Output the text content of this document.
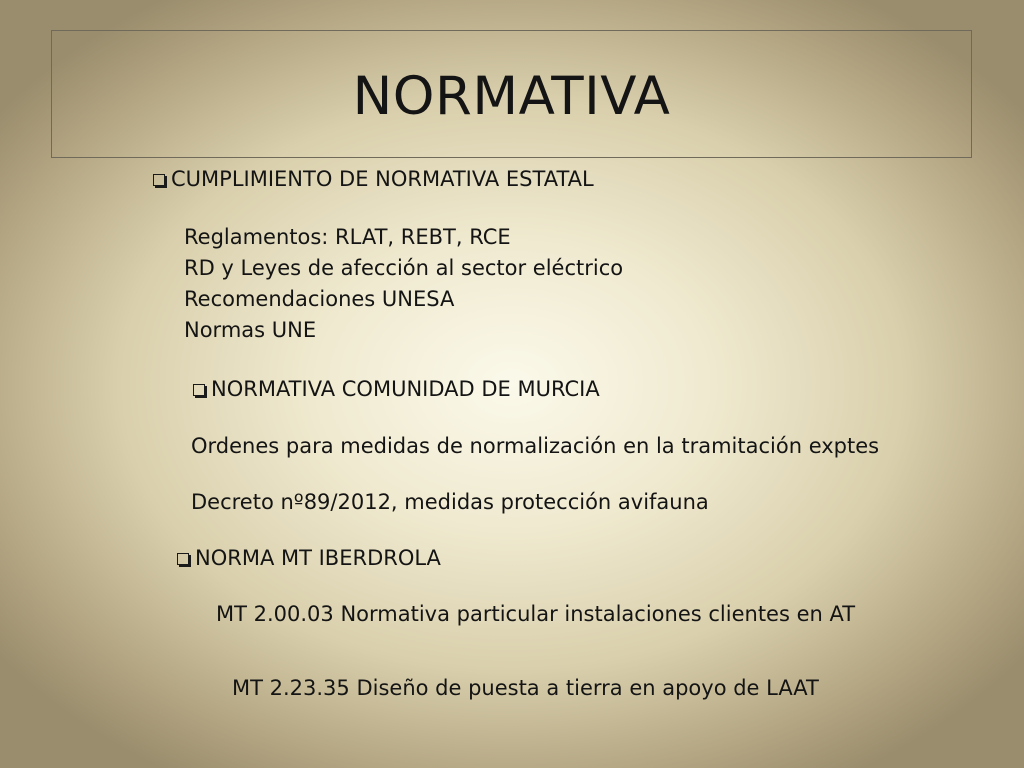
NORMATIVA
CUMPLIMIENTO DE NORMATIVA ESTATAL
Reglamentos: RLAT, REBT, RCE
RD y Leyes de afección al sector eléctrico
Recomendaciones UNESA
Normas UNE
NORMATIVA COMUNIDAD DE MURCIA
Ordenes para medidas de normalización en la tramitación exptes
Decreto nº89/2012, medidas protección avifauna
NORMA MT IBERDROLA
MT 2.00.03 Normativa particular instalaciones clientes en AT
MT 2.23.35 Diseño de puesta a tierra en apoyo de LAAT
